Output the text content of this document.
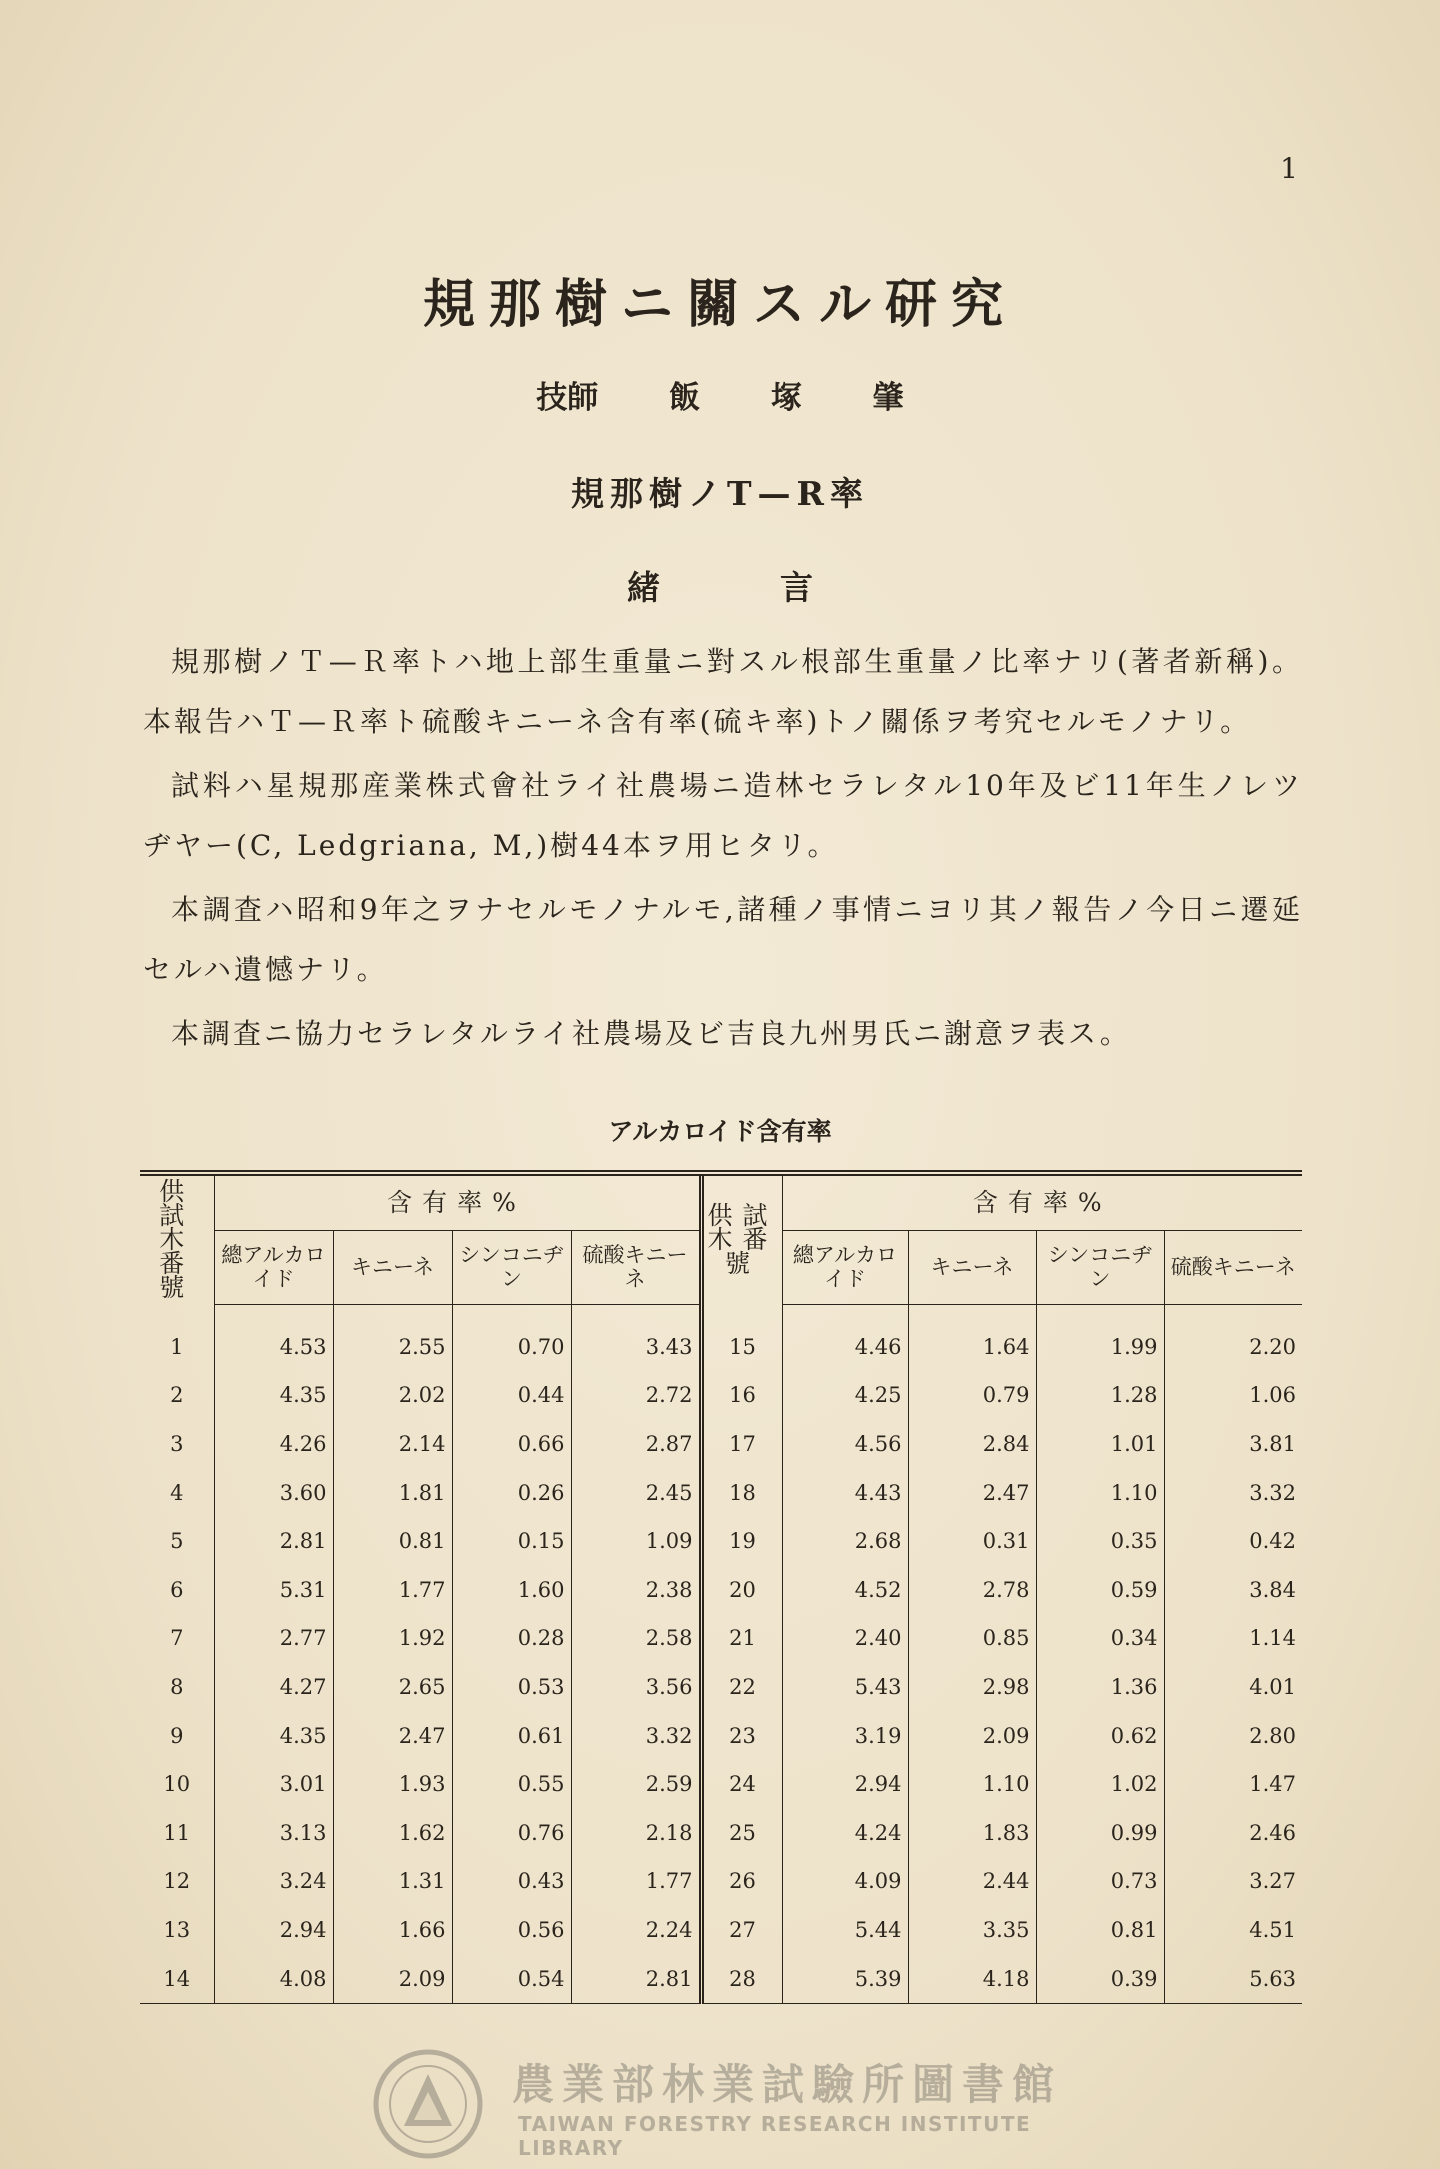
1
規那樹ニ關スル研究
技師 飯 塚 肇
規那樹ノT—R率
緒言

規那樹ノＴ—Ｒ率トハ地上部生重量ニ對スル根部生重量ノ比率ナリ(著者新稱)。本報告ハＴ—Ｒ率ト硫酸キニーネ含有率(硫キ率)トノ關係ヲ考究セルモノナリ。

試料ハ星規那産業株式會社ライ社農場ニ造林セラレタル10年及ビ11年生ノレツヂヤー(C, Ledgriana, M,)樹44本ヲ用ヒタリ。

本調査ハ昭和9年之ヲナセルモノナルモ,諸種ノ事情ニヨリ其ノ報告ノ今日ニ遷延セルハ遺憾ナリ。

本調査ニ協力セラレタルライ社農場及ビ吉良九州男氏ニ謝意ヲ表ス。

アルカロイド含有率
供試木番號	含有率%				供試木番號	含有率%			
	總アルカロイド	キニーネ	シンコニヂン	硫酸キニーネ		總アルカロイド	キニーネ	シンコニヂン	硫酸キニーネ
1	4.53	2.55	0.70	3.43	15	4.46	1.64	1.99	2.20
2	4.35	2.02	0.44	2.72	16	4.25	0.79	1.28	1.06
3	4.26	2.14	0.66	2.87	17	4.56	2.84	1.01	3.81
4	3.60	1.81	0.26	2.45	18	4.43	2.47	1.10	3.32
5	2.81	0.81	0.15	1.09	19	2.68	0.31	0.35	0.42
6	5.31	1.77	1.60	2.38	20	4.52	2.78	0.59	3.84
7	2.77	1.92	0.28	2.58	21	2.40	0.85	0.34	1.14
8	4.27	2.65	0.53	3.56	22	5.43	2.98	1.36	4.01
9	4.35	2.47	0.61	3.32	23	3.19	2.09	0.62	2.80
10	3.01	1.93	0.55	2.59	24	2.94	1.10	1.02	1.47
11	3.13	1.62	0.76	2.18	25	4.24	1.83	0.99	2.46
12	3.24	1.31	0.43	1.77	26	4.09	2.44	0.73	3.27
13	2.94	1.66	0.56	2.24	27	5.44	3.35	0.81	4.51
14	4.08	2.09	0.54	2.81	28	5.39	4.18	0.39	5.63
農業部林業試驗所圖書館
TAIWAN FORESTRY RESEARCH INSTITUTE LIBRARY
